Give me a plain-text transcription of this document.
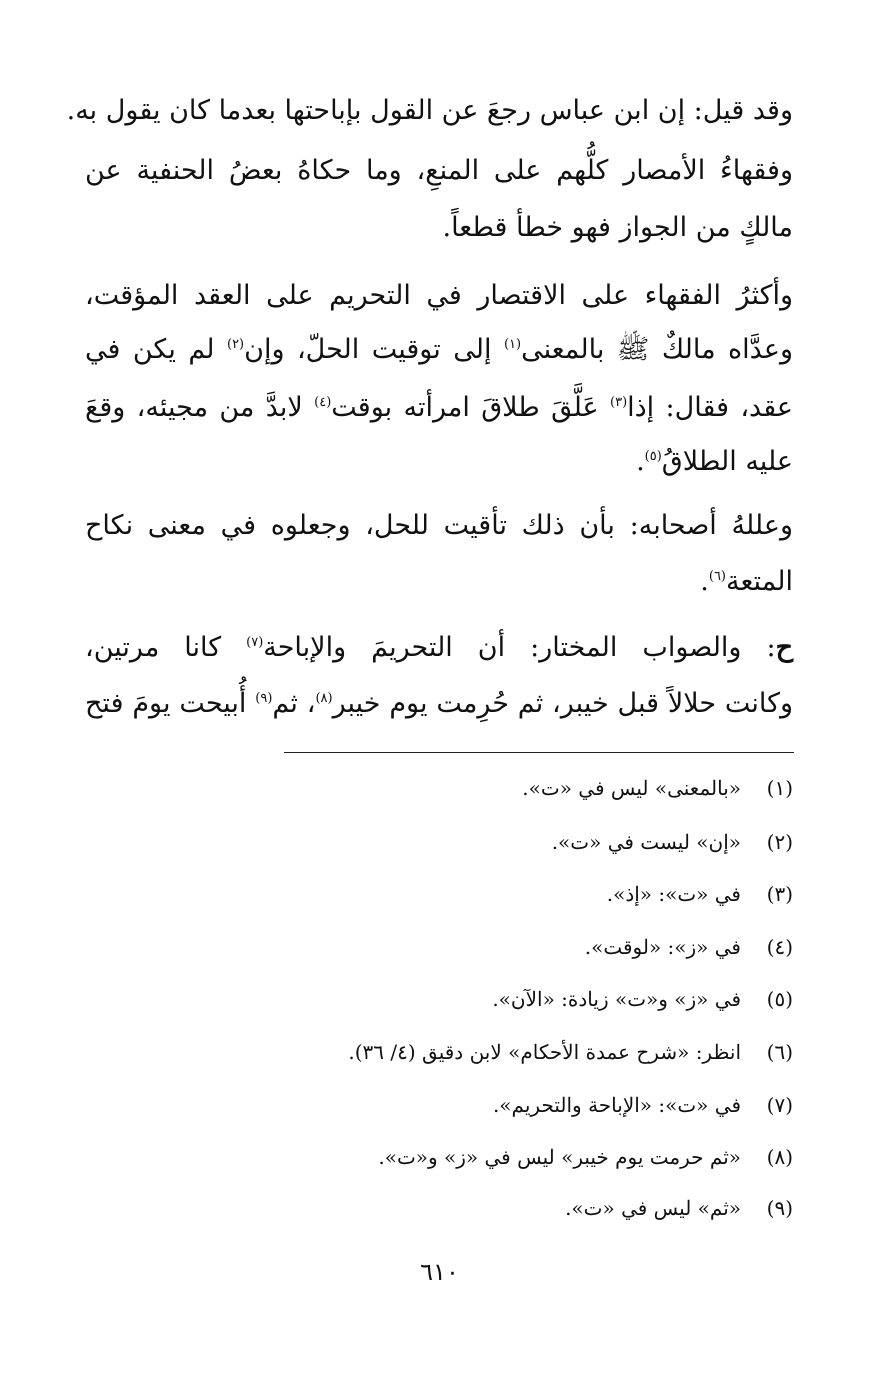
وقد قيل: إن ابن عباس رجعَ عن القول بإباحتها بعدما كان يقول به.
وفقهاءُ الأمصار كلُّهم على المنعِ، وما حكاهُ بعضُ الحنفية عن
مالكٍ من الجواز فهو خطأ قطعاً.
وأكثرُ الفقهاء على الاقتصار في التحريم على العقد المؤقت،
وعدَّاه مالكٌ ﷺ بالمعنى$^{(١)}$ إلى توقيت الحلّ، وإن$^{(٢)}$ لم يكن في
عقد، فقال: إذا$^{(٣)}$ عَلَّقَ طلاقَ امرأته بوقت$^{(٤)}$ لابدَّ من مجيئه، وقعَ
عليه الطلاقُ$^{(٥)}$.
وعللهُ أصحابه: بأن ذلك تأقيت للحل، وجعلوه في معنى نكاح
المتعة$^{(٦)}$.
ح: والصواب المختار: أن التحريمَ والإباحة$^{(٧)}$ كانا مرتين،
وكانت حلالاً قبل خيبر، ثم حُرِمت يوم خيبر$^{(٨)}$، ثم$^{(٩)}$ أُبيحت يومَ فتح
(١)«بالمعنى» ليس في «ت».
(٢)«إن» ليست في «ت».
(٣)في «ت»: «إذ».
(٤)في «ز»: «لوقت».
(٥)في «ز» و«ت» زيادة: «الآن».
(٦)انظر: «شرح عمدة الأحكام» لابن دقيق (٤/ ٣٦).
(٧)في «ت»: «الإباحة والتحريم».
(٨)«ثم حرمت يوم خيبر» ليس في «ز» و«ت».
(٩)«ثم» ليس في «ت».
٦١٠
